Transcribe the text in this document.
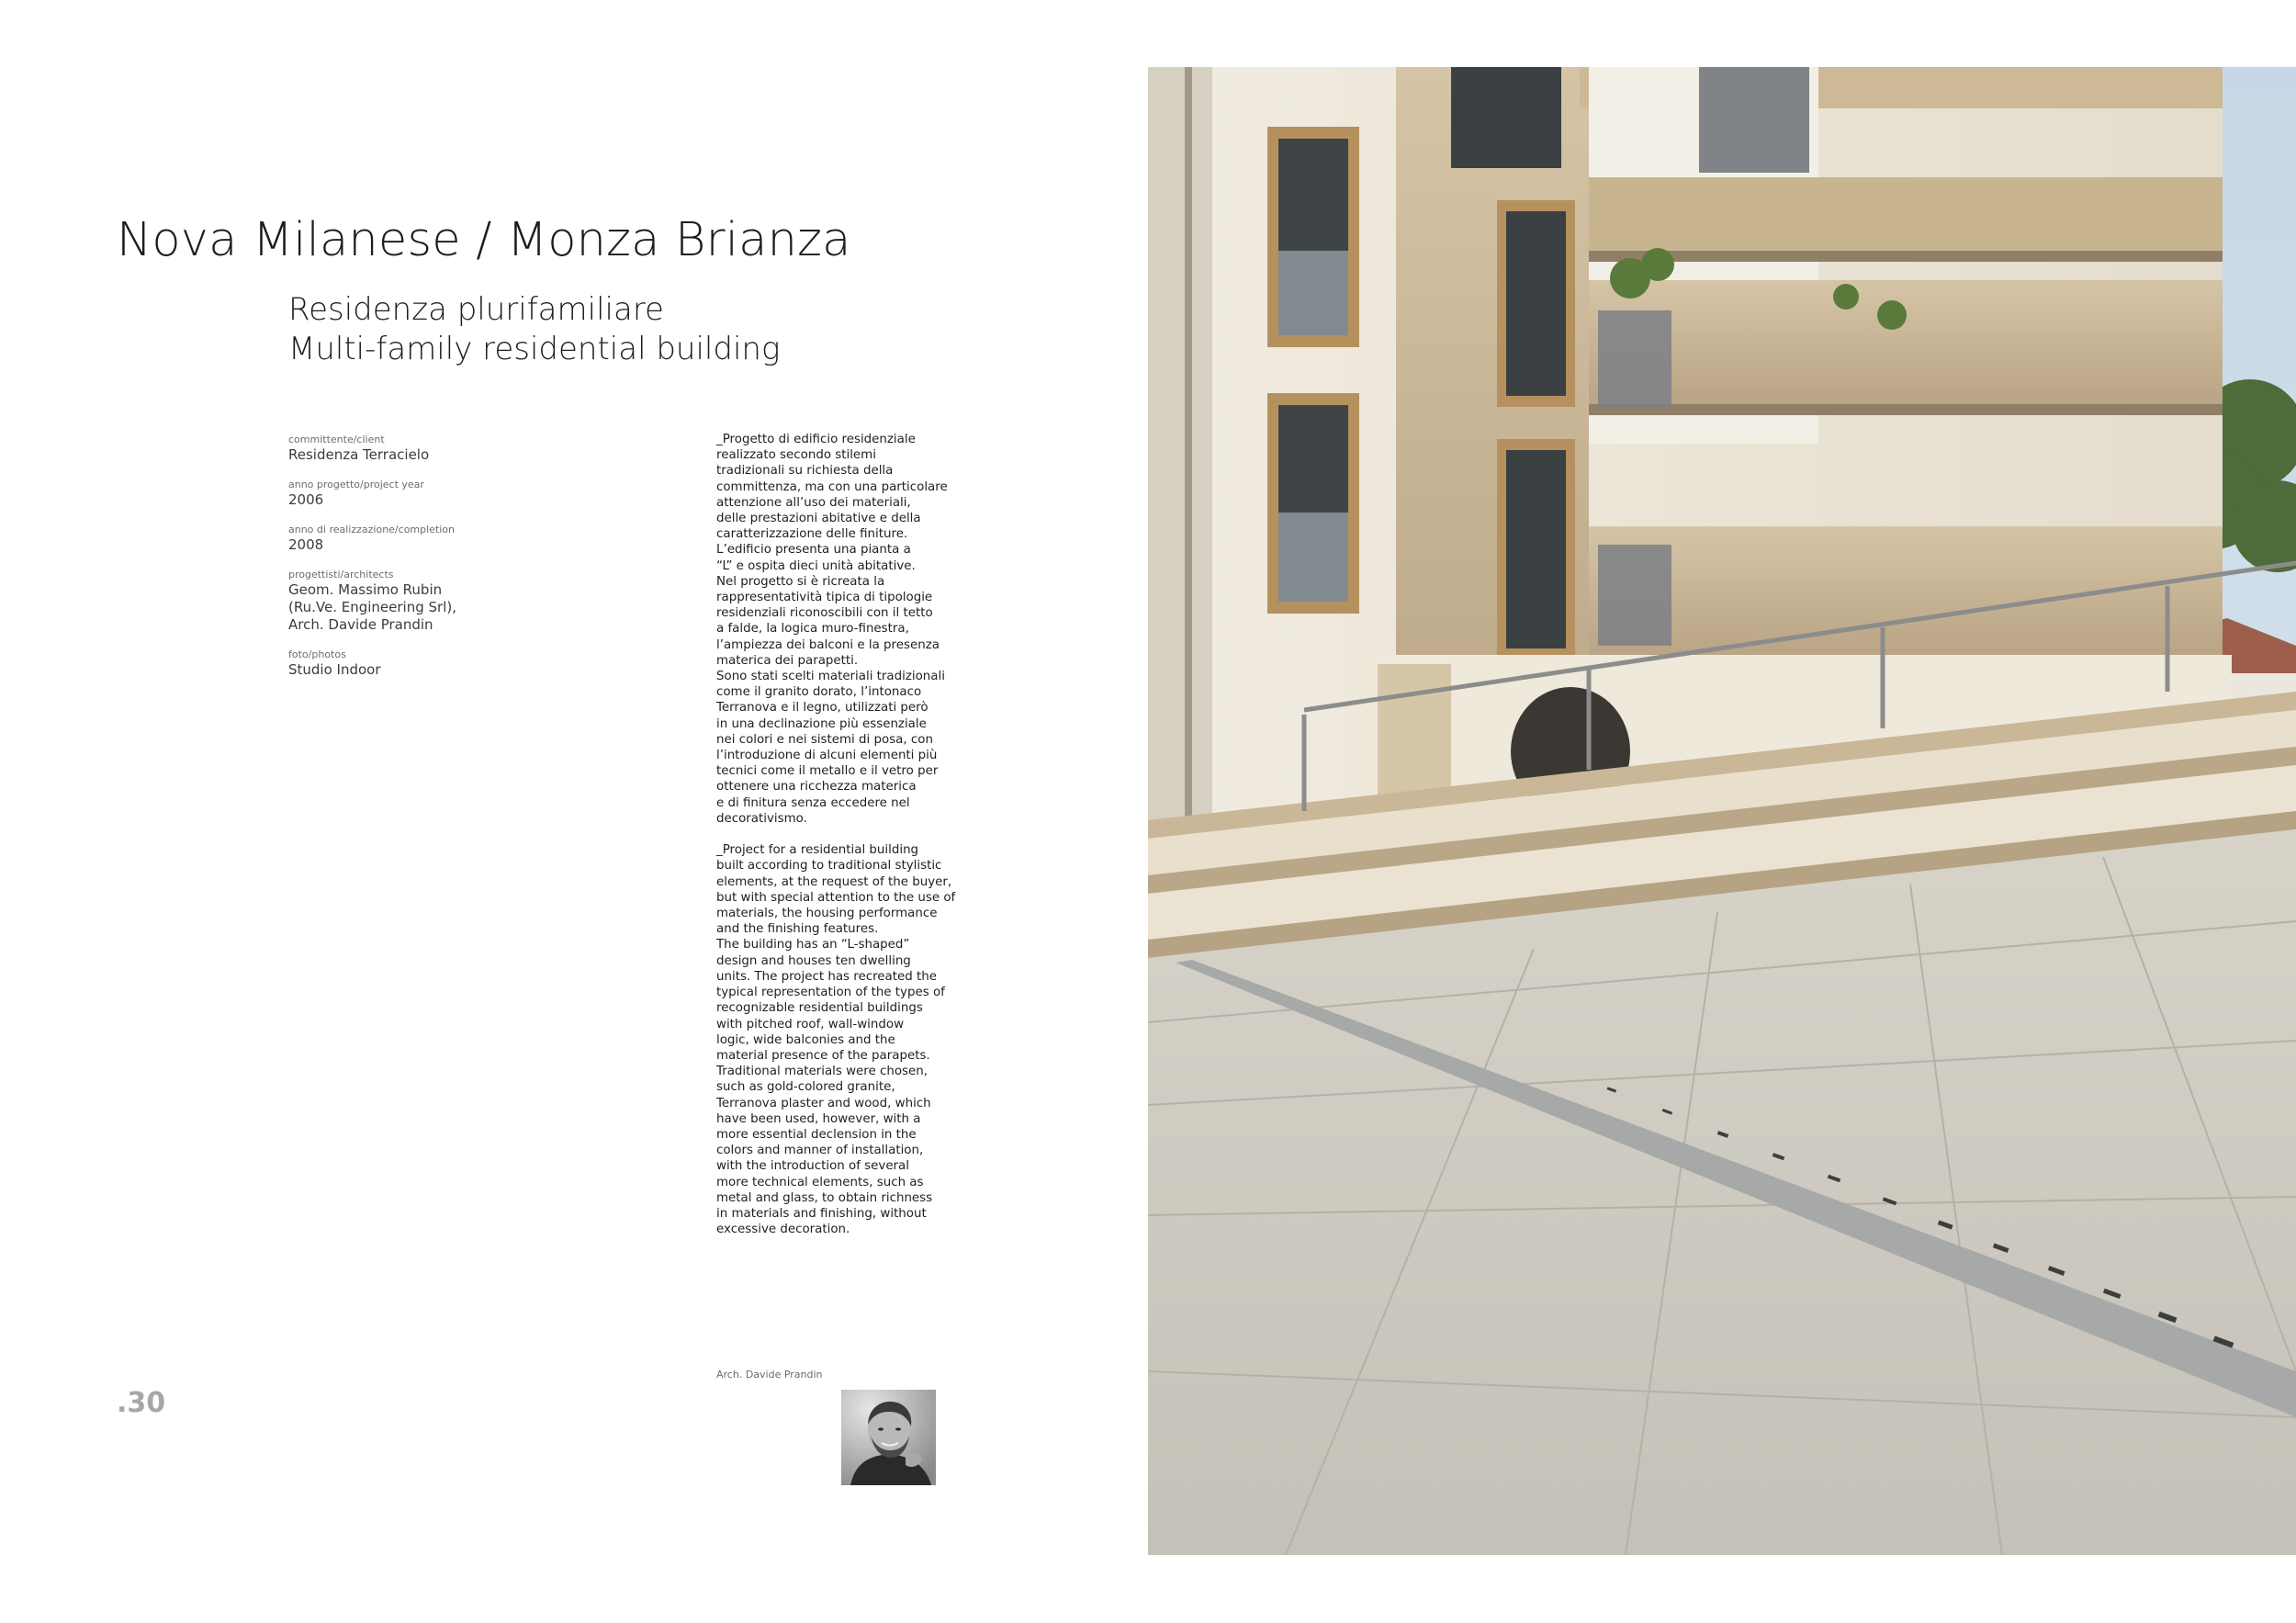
Nova Milanese / Monza Brianza
Residenza plurifamiliare
Multi-family residential building
committente/client
Residenza Terracielo
anno progetto/project year
2006
anno di realizzazione/completion
2008
progettisti/architects
Geom. Massimo Rubin
(Ru.Ve. Engineering Srl),
Arch. Davide Prandin
foto/photos
Studio Indoor

_Progetto di edificio residenziale

realizzato secondo stilemi

tradizionali su richiesta della

committenza, ma con una particolare

attenzione all’uso dei materiali,

delle prestazioni abitative e della

caratterizzazione delle finiture.

L’edificio presenta una pianta a

“L” e ospita dieci unità abitative.

Nel progetto si è ricreata la

rappresentatività tipica di tipologie

residenziali riconoscibili con il tetto

a falde, la logica muro-finestra,

l’ampiezza dei balconi e la presenza

materica dei parapetti.

Sono stati scelti materiali tradizionali

come il granito dorato, l’intonaco

Terranova e il legno, utilizzati però

in una declinazione più essenziale

nei colori e nei sistemi di posa, con

l’introduzione di alcuni elementi più

tecnici come il metallo e il vetro per

ottenere una ricchezza materica

e di finitura senza eccedere nel

decorativismo.

_Project for a residential building

built according to traditional stylistic

elements, at the request of the buyer,

but with special attention to the use of

materials, the housing performance

and the finishing features.

The building has an “L-shaped”

design and houses ten dwelling

units. The project has recreated the

typical representation of the types of

recognizable residential buildings

with pitched roof, wall-window

logic, wide balconies and the

material presence of the parapets.

Traditional materials were chosen,

such as gold-colored granite,

Terranova plaster and wood, which

have been used, however, with a

more essential declension in the

colors and manner of installation,

with the introduction of several

more technical elements, such as

metal and glass, to obtain richness

in materials and finishing, without

excessive decoration.

.30
Arch. Davide Prandin
